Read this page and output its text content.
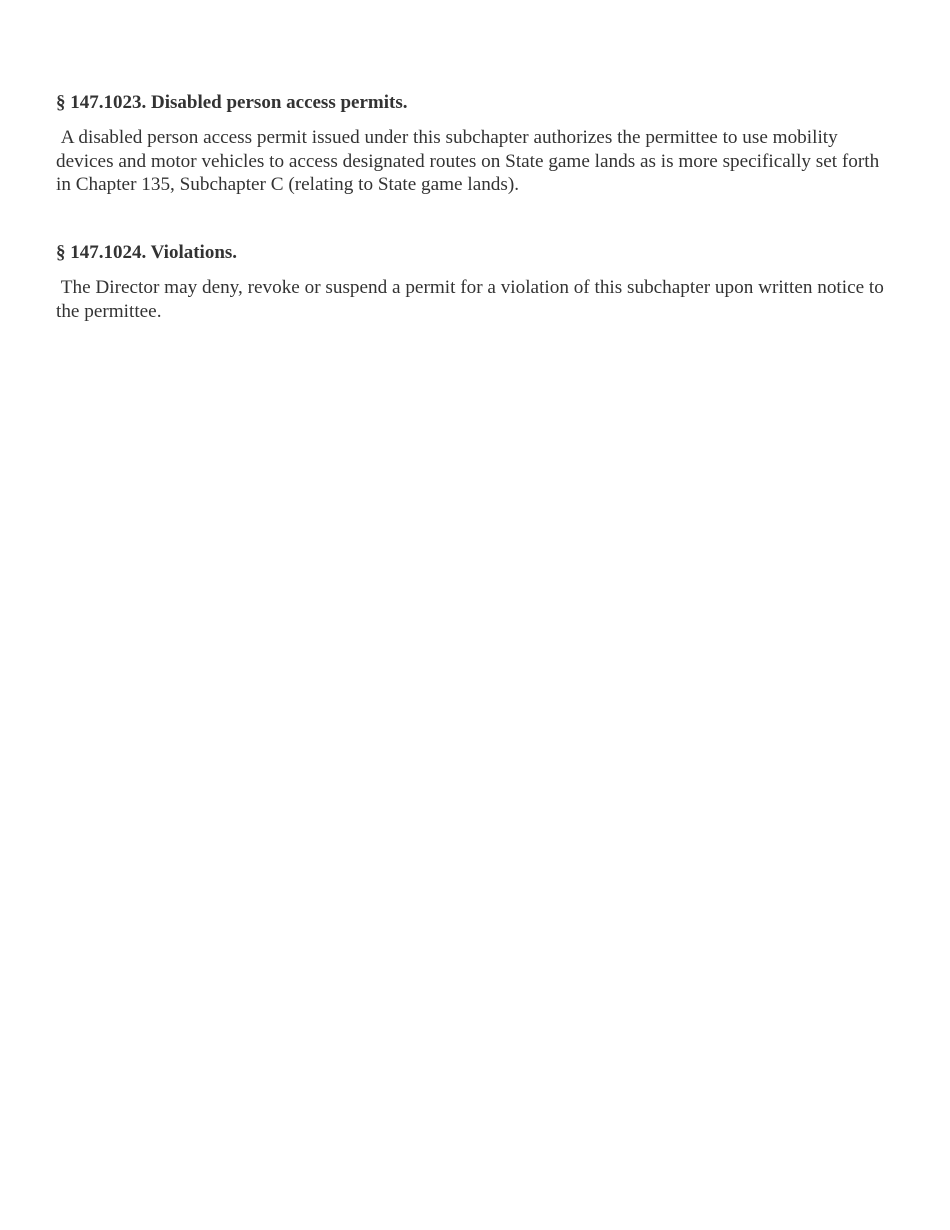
§ 147.1023. Disabled person access permits.

A disabled person access permit issued under this subchapter authorizes the permittee to use mobility devices and motor vehicles to access designated routes on State game lands as is more specifically set forth in Chapter 135, Subchapter C (relating to State game lands).

§ 147.1024. Violations.

The Director may deny, revoke or suspend a permit for a violation of this subchapter upon written notice to the permittee.
